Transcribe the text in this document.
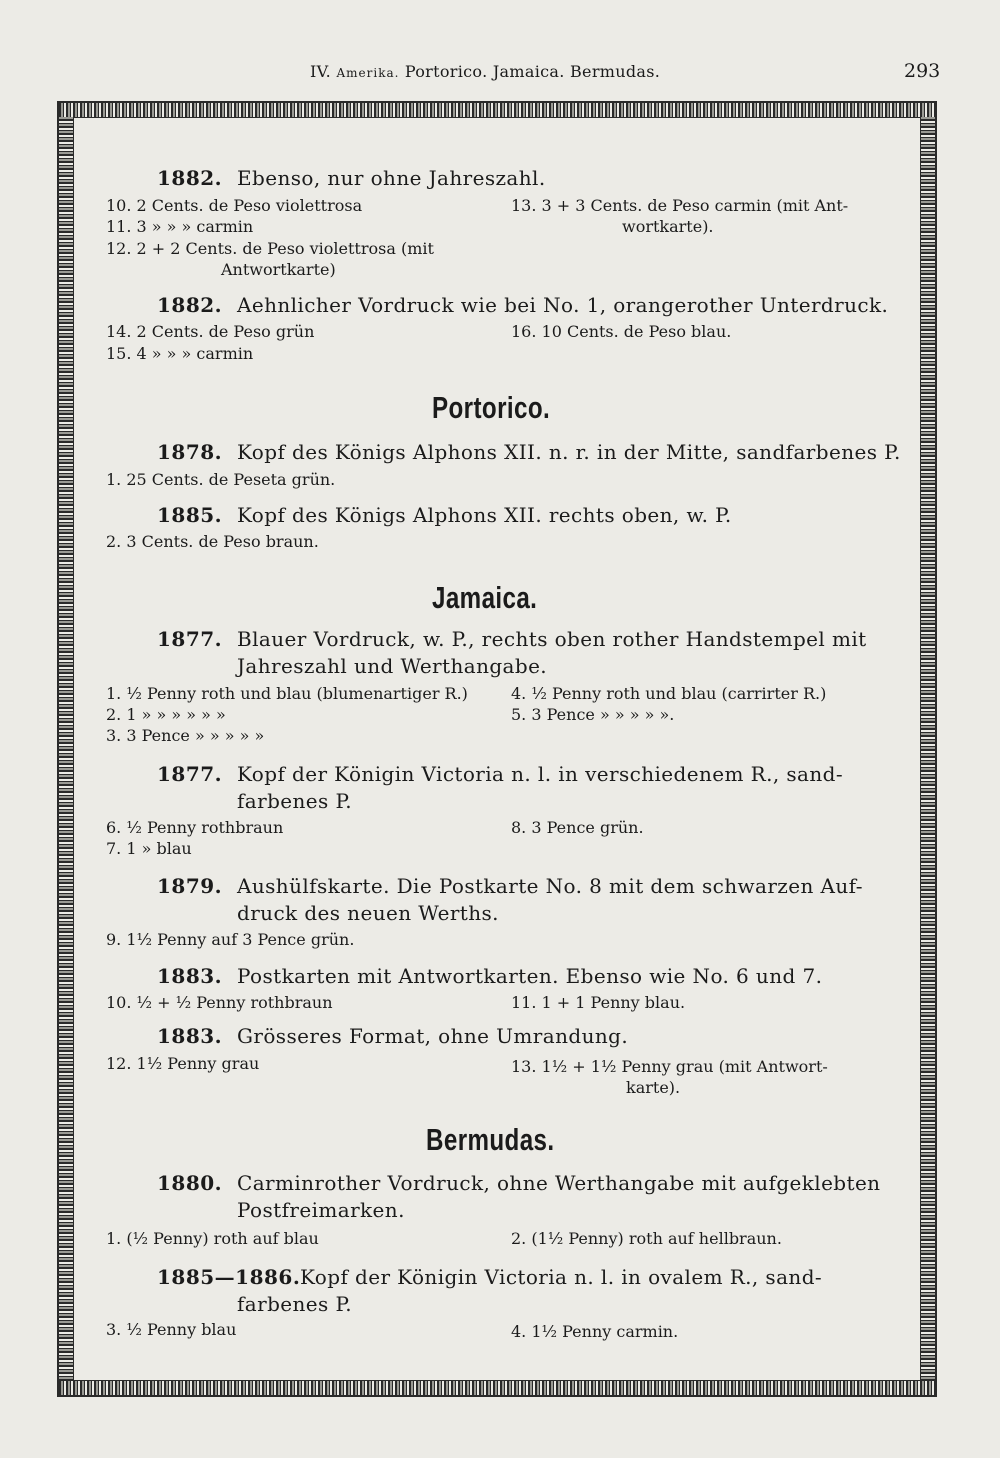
IV. Amerika. Portorico. Jamaica. Bermudas.	293
1882. Ebenso, nur ohne Jahreszahl.
10. 2 Cents. de Peso violettrosa
11. 3 » » » carmin
12. 2 + 2 Cents. de Peso violettrosa (mit
Antwortkarte)
13. 3 + 3 Cents. de Peso carmin (mit Ant-
wortkarte).
1882. Aehnlicher Vordruck wie bei No. 1, orangerother Unterdruck.
14. 2 Cents. de Peso grün
15. 4 » » » carmin
16. 10 Cents. de Peso blau.
Portorico.
1878. Kopf des Königs Alphons XII. n. r. in der Mitte, sandfarbenes P.
1. 25 Cents. de Peseta grün.
1885. Kopf des Königs Alphons XII. rechts oben, w. P.
2. 3 Cents. de Peso braun.
Jamaica.
1877. Blauer Vordruck, w. P., rechts oben rother Handstempel mit
Jahreszahl und Werthangabe.
1. ¹⁄₂ Penny roth und blau (blumenartiger R.)
2. 1 » » » » » »
3. 3 Pence » » » » »
4. ¹⁄₂ Penny roth und blau (carrirter R.)
5. 3 Pence » » » » ».
1877. Kopf der Königin Victoria n. l. in verschiedenem R., sand-
farbenes P.
6. ¹⁄₂ Penny rothbraun
7. 1 » blau
8. 3 Pence grün.
1879. Aushülfskarte. Die Postkarte No. 8 mit dem schwarzen Auf-
druck des neuen Werths.
9. 1¹⁄₂ Penny auf 3 Pence grün.
1883. Postkarten mit Antwortkarten. Ebenso wie No. 6 und 7.
10. ¹⁄₂ + ¹⁄₂ Penny rothbraun	11. 1 + 1 Penny blau.
1883. Grösseres Format, ohne Umrandung.
12. 1¹⁄₂ Penny grau	13. 1¹⁄₂ + 1¹⁄₂ Penny grau (mit Antwort-
karte).
Bermudas.
1880. Carminrother Vordruck, ohne Werthangabe mit aufgeklebten
Postfreimarken.
1. (¹⁄₂ Penny) roth auf blau	2. (1¹⁄₂ Penny) roth auf hellbraun.
1885—1886. Kopf der Königin Victoria n. l. in ovalem R., sand-
farbenes P.
3. ¹⁄₂ Penny blau	4. 1¹⁄₂ Penny carmin.
